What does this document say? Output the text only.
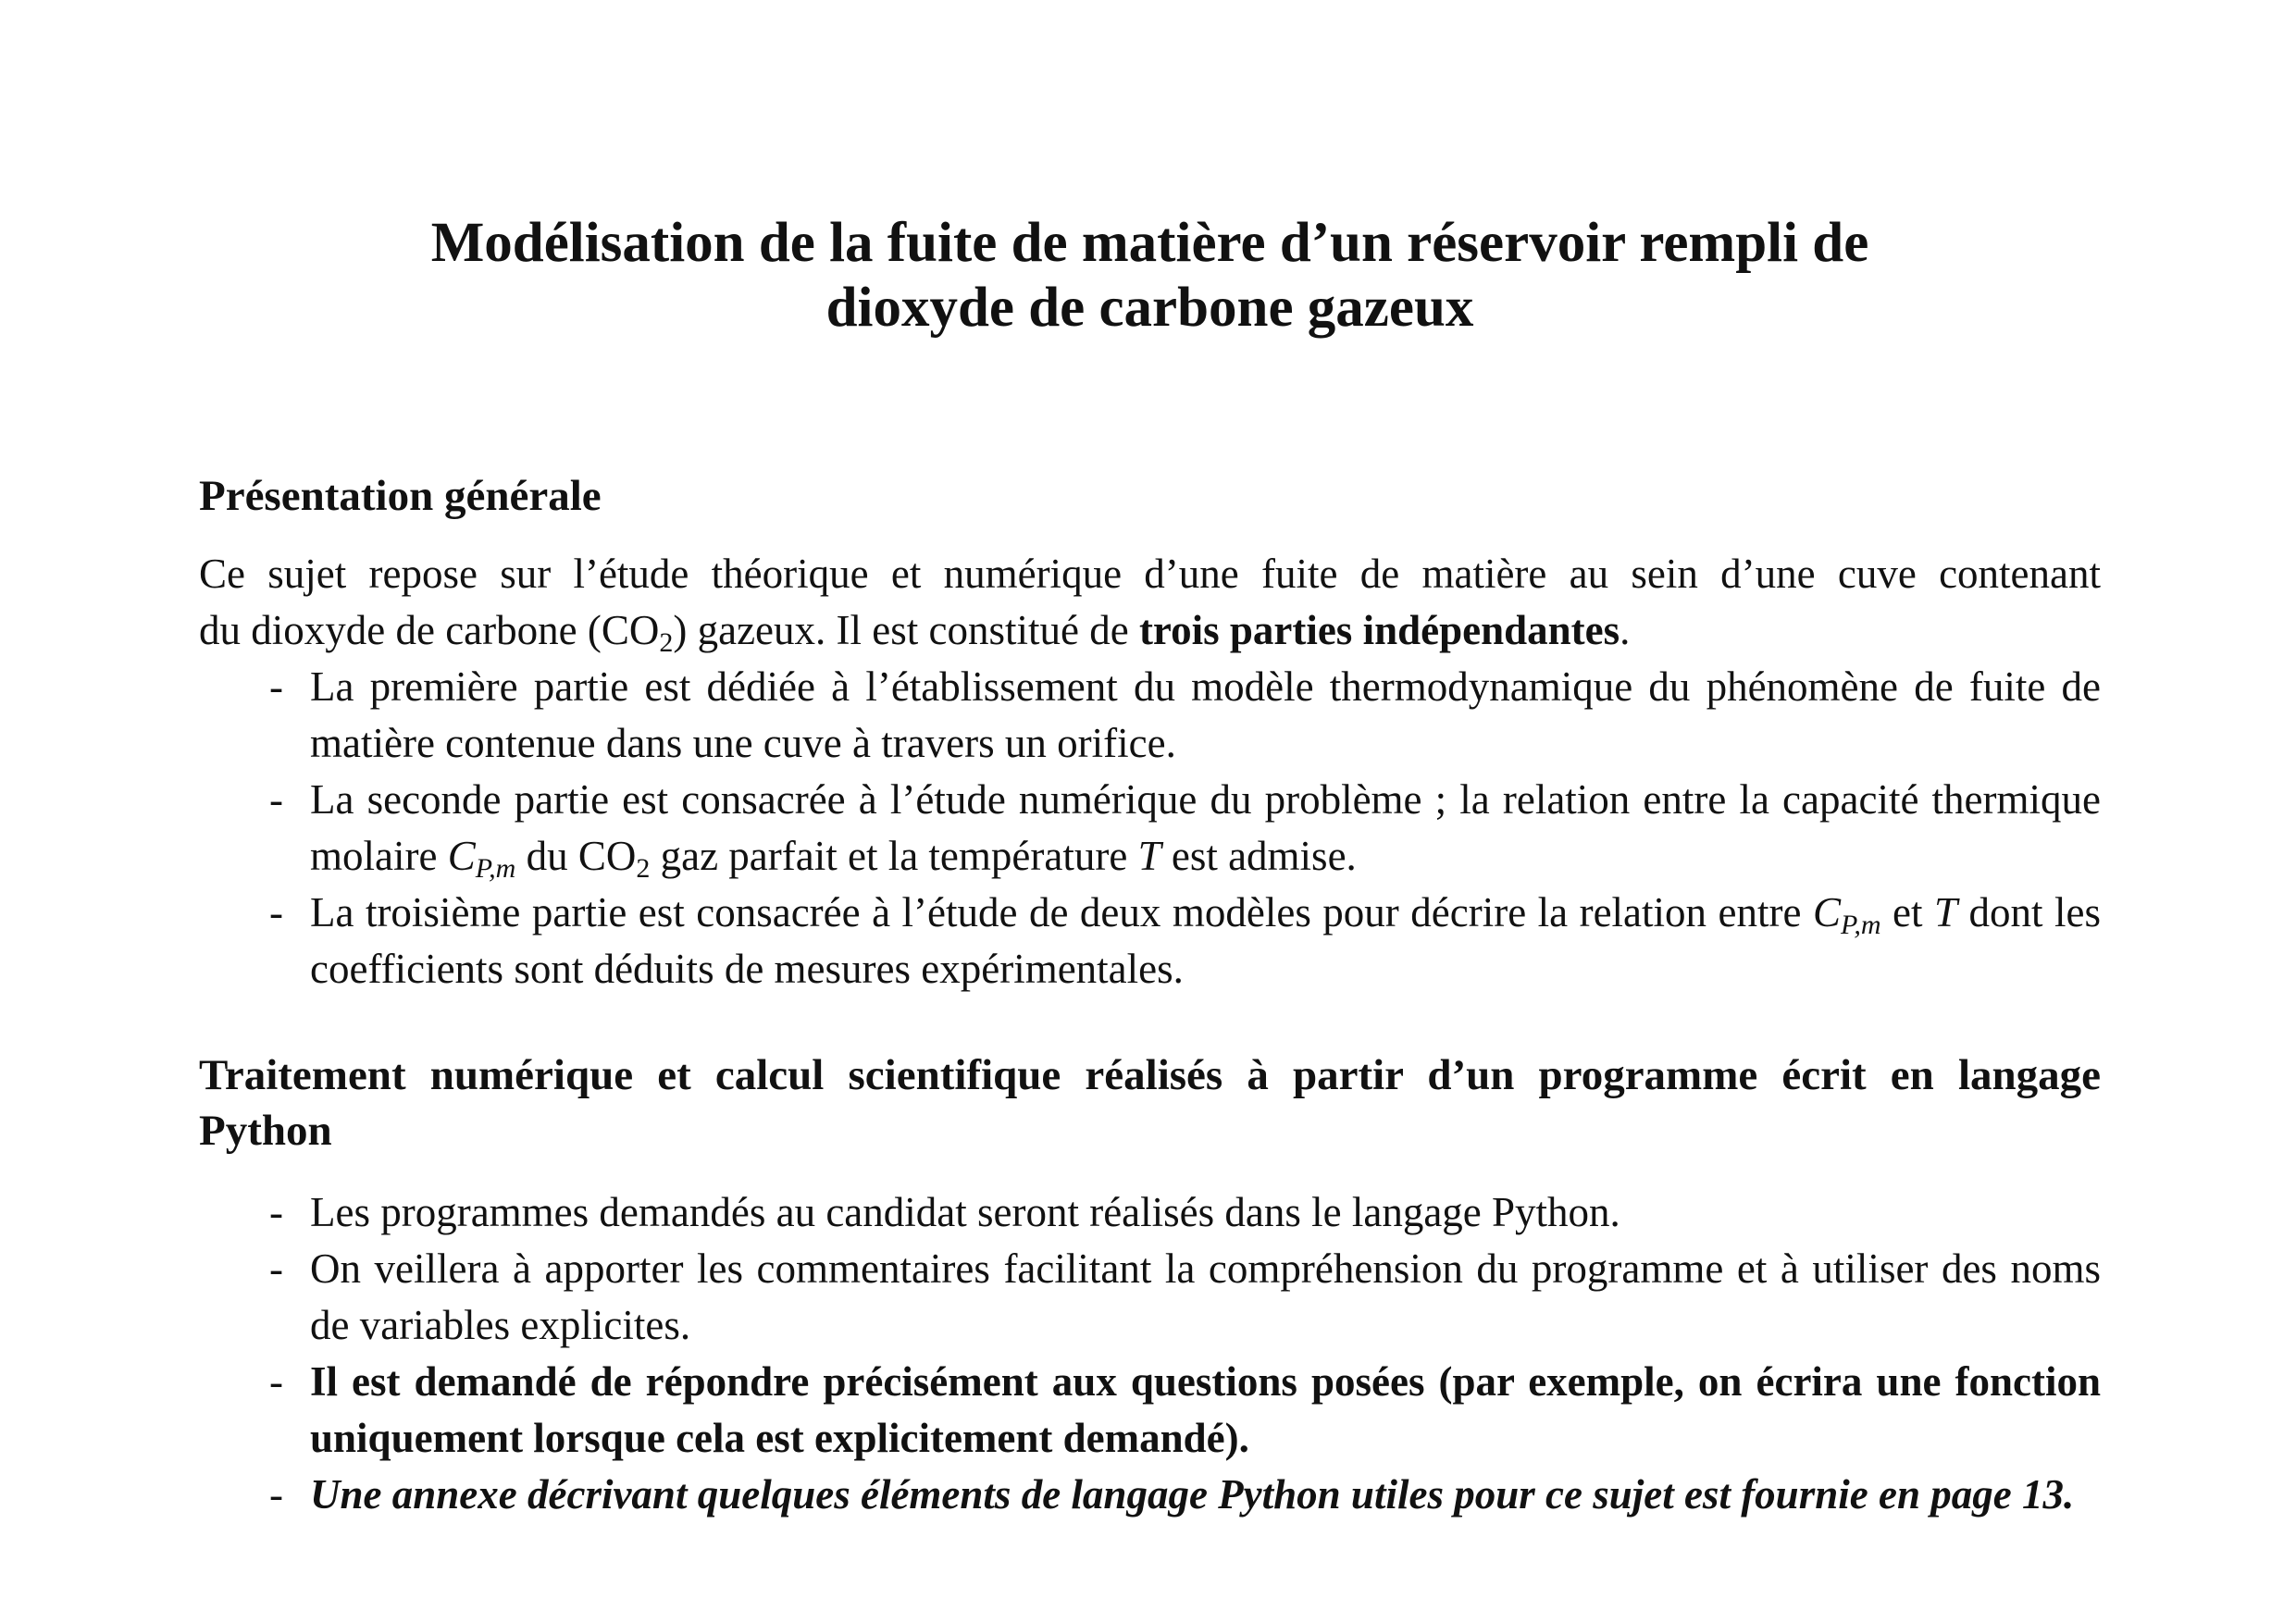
Modélisation de la fuite de matière d’un réservoir rempli de
dioxyde de carbone gazeux
Présentation générale

Ce sujet repose sur l’étude théorique et numérique d’une fuite de matière au sein d’une cuve contenant
du dioxyde de carbone $(CO_2)$ gazeux. Il est constitué de trois parties indépendantes.

- La première partie est dédiée à l’établissement du modèle thermodynamique du phénomène de fuite de matière contenue dans une cuve à travers un orifice.
- La seconde partie est consacrée à l’étude numérique du problème ; la relation entre la capacité thermique molaire $C_{P,m}$ du $CO_2$ gaz parfait et la température T est admise.
- La troisième partie est consacrée à l’étude de deux modèles pour décrire la relation entre $C_{P,m}$ et T dont les coefficients sont déduits de mesures expérimentales.
Traitement numérique et calcul scientifique réalisés à partir d’un programme écrit en langage
Python
- Les programmes demandés au candidat seront réalisés dans le langage Python.
- On veillera à apporter les commentaires facilitant la compréhension du programme et à utiliser des noms de variables explicites.
- Il est demandé de répondre précisément aux questions posées (par exemple, on écrira une fonction uniquement lorsque cela est explicitement demandé).
- Une annexe décrivant quelques éléments de langage Python utiles pour ce sujet est fournie en page 13.
